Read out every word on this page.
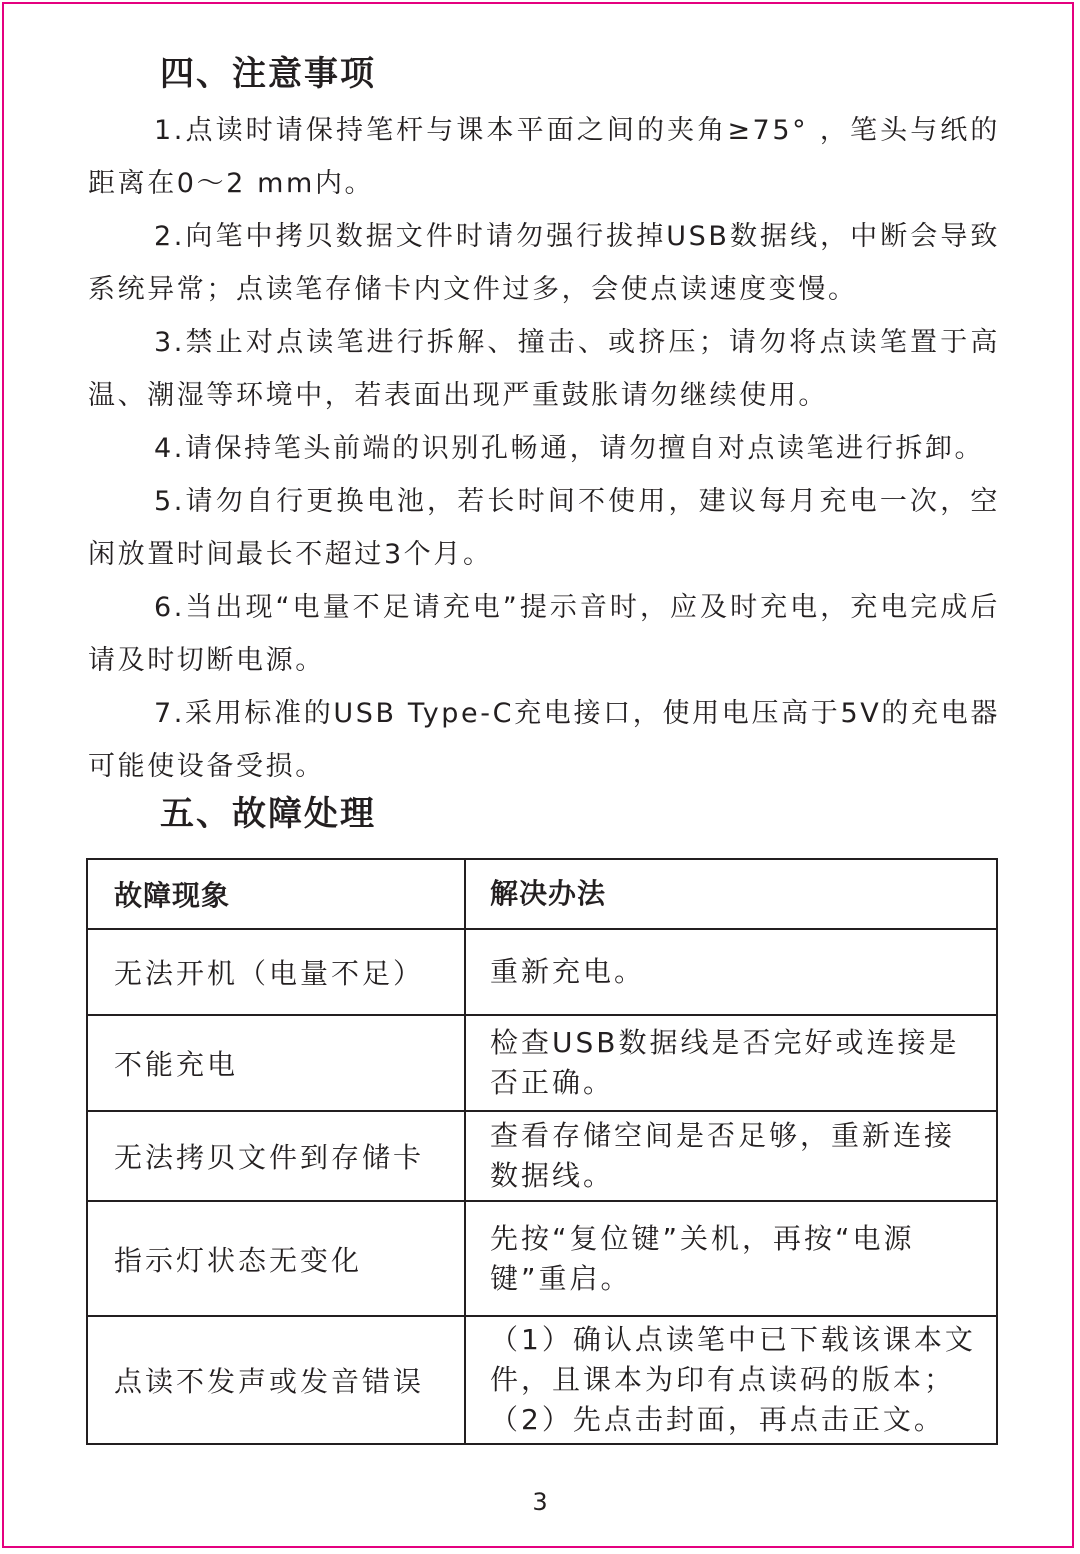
四、注意事项

1.点读时请保持笔杆与课本平面之间的夹角≥75° ，笔头与纸的距离在0～2 mm内。

2.向笔中拷贝数据文件时请勿强行拔掉USB数据线，中断会导致系统异常；点读笔存储卡内文件过多，会使点读速度变慢。

3.禁止对点读笔进行拆解、撞击、或挤压；请勿将点读笔置于高温、潮湿等环境中，若表面出现严重鼓胀请勿继续使用。

4.请保持笔头前端的识别孔畅通，请勿擅自对点读笔进行拆卸。

5.请勿自行更换电池，若长时间不使用，建议每月充电一次，空闲放置时间最长不超过3个月。

6.当出现“电量不足请充电”提示音时，应及时充电，充电完成后请及时切断电源。

7.采用标准的USB Type-C充电接口，使用电压高于5V的充电器可能使设备受损。

五、故障处理
故障现象	解决办法
无法开机（电量不足）	重新充电。
不能充电	检查USB数据线是否完好或连接是否正确。
无法拷贝文件到存储卡	查看存储空间是否足够，重新连接数据线。
指示灯状态无变化	先按“复位键”关机，再按“电源键”重启。
点读不发声或发音错误	（1）确认点读笔中已下载该课本文件，且课本为印有点读码的版本；（2）先点击封面，再点击正文。
3
